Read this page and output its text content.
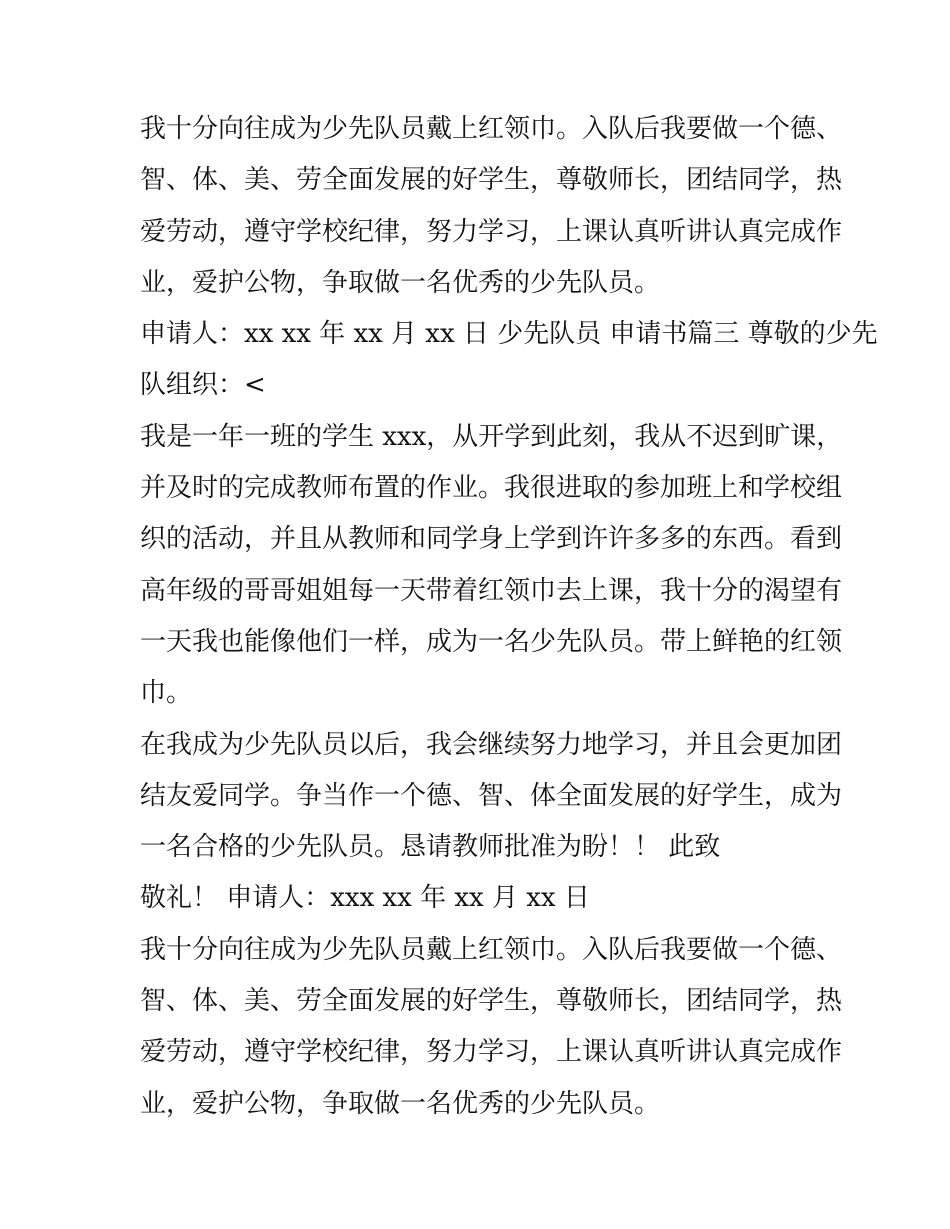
我十分向往成为少先队员戴上红领巾。入队后我要做一个德、
智、体、美、劳全面发展的好学生，尊敬师长，团结同学，热
爱劳动，遵守学校纪律，努力学习，上课认真听讲认真完成作
业，爱护公物，争取做一名优秀的少先队员。
申请人：xx xx 年 xx 月 xx 日 少先队员 申请书篇三 尊敬的少先
队组织：<
我是一年一班的学生 xxx，从开学到此刻，我从不迟到旷课，
并及时的完成教师布置的作业。我很进取的参加班上和学校组
织的活动，并且从教师和同学身上学到许许多多的东西。看到
高年级的哥哥姐姐每一天带着红领巾去上课，我十分的渴望有
一天我也能像他们一样，成为一名少先队员。带上鲜艳的红领
巾。
在我成为少先队员以后，我会继续努力地学习，并且会更加团
结友爱同学。争当作一个德、智、体全面发展的好学生，成为
一名合格的少先队员。恳请教师批准为盼！！ 此致
敬礼！ 申请人：xxx xx 年 xx 月 xx 日
我十分向往成为少先队员戴上红领巾。入队后我要做一个德、
智、体、美、劳全面发展的好学生，尊敬师长，团结同学，热
爱劳动，遵守学校纪律，努力学习，上课认真听讲认真完成作
业，爱护公物，争取做一名优秀的少先队员。
